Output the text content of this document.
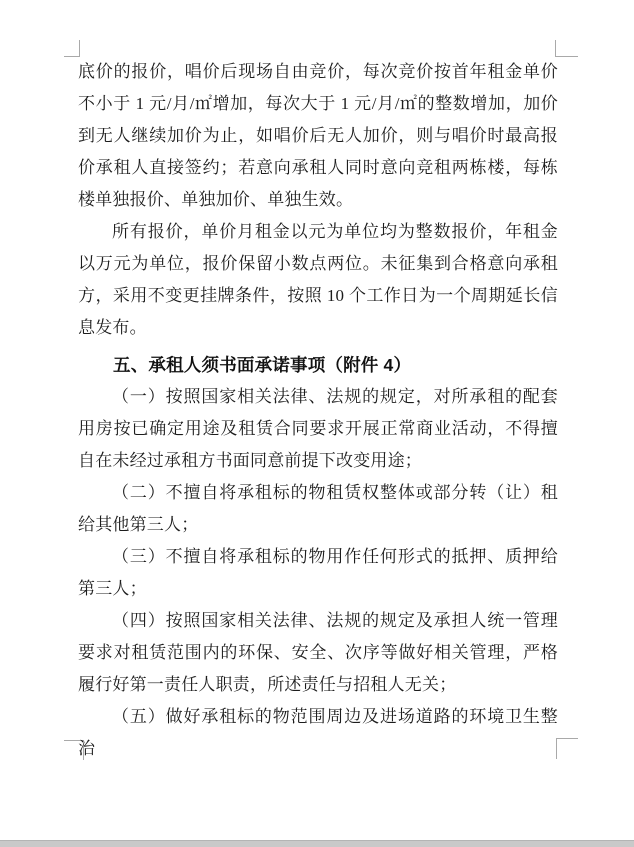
底价的报价，唱价后现场自由竞价，每次竞价按首年租金单价不小于 1 元/月/㎡增加，每次大于 1 元/月/㎡的整数增加，加价到无人继续加价为止，如唱价后无人加价，则与唱价时最高报价承租人直接签约；若意向承租人同时意向竞租两栋楼，每栋楼单独报价、单独加价、单独生效。

所有报价，单价月租金以元为单位均为整数报价，年租金以万元为单位，报价保留小数点两位。未征集到合格意向承租方，采用不变更挂牌条件，按照 10 个工作日为一个周期延长信息发布。

五、承租人须书面承诺事项（附件 4）

（一）按照国家相关法律、法规的规定，对所承租的配套用房按已确定用途及租赁合同要求开展正常商业活动，不得擅自在未经过承租方书面同意前提下改变用途；

（二）不擅自将承租标的物租赁权整体或部分转（让）租给其他第三人；

（三）不擅自将承租标的物用作任何形式的抵押、质押给第三人；

（四）按照国家相关法律、法规的规定及承担人统一管理要求对租赁范围内的环保、安全、次序等做好相关管理，严格履行好第一责任人职责，所述责任与招租人无关；

（五）做好承租标的物范围周边及进场道路的环境卫生整治
